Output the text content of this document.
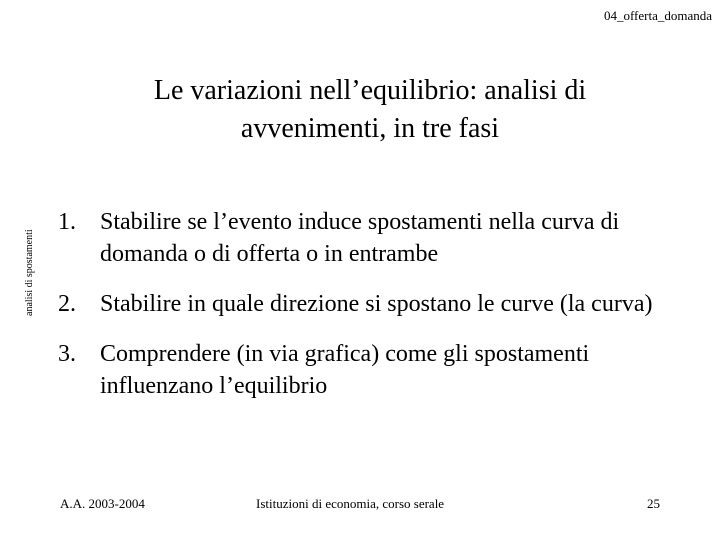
04_offerta_domanda
analisi di spostamenti
Le variazioni nell’equilibrio: analisi di
avvenimenti, in tre fasi
1.	Stabilire se l’evento induce spostamenti nella curva di domanda o di offerta o in entrambe
2.	Stabilire in quale direzione si spostano le curve (la curva)
3.	Comprendere (in via grafica) come gli spostamenti influenzano l’equilibrio
A.A. 2003-2004	Istituzioni di economia, corso serale	25
